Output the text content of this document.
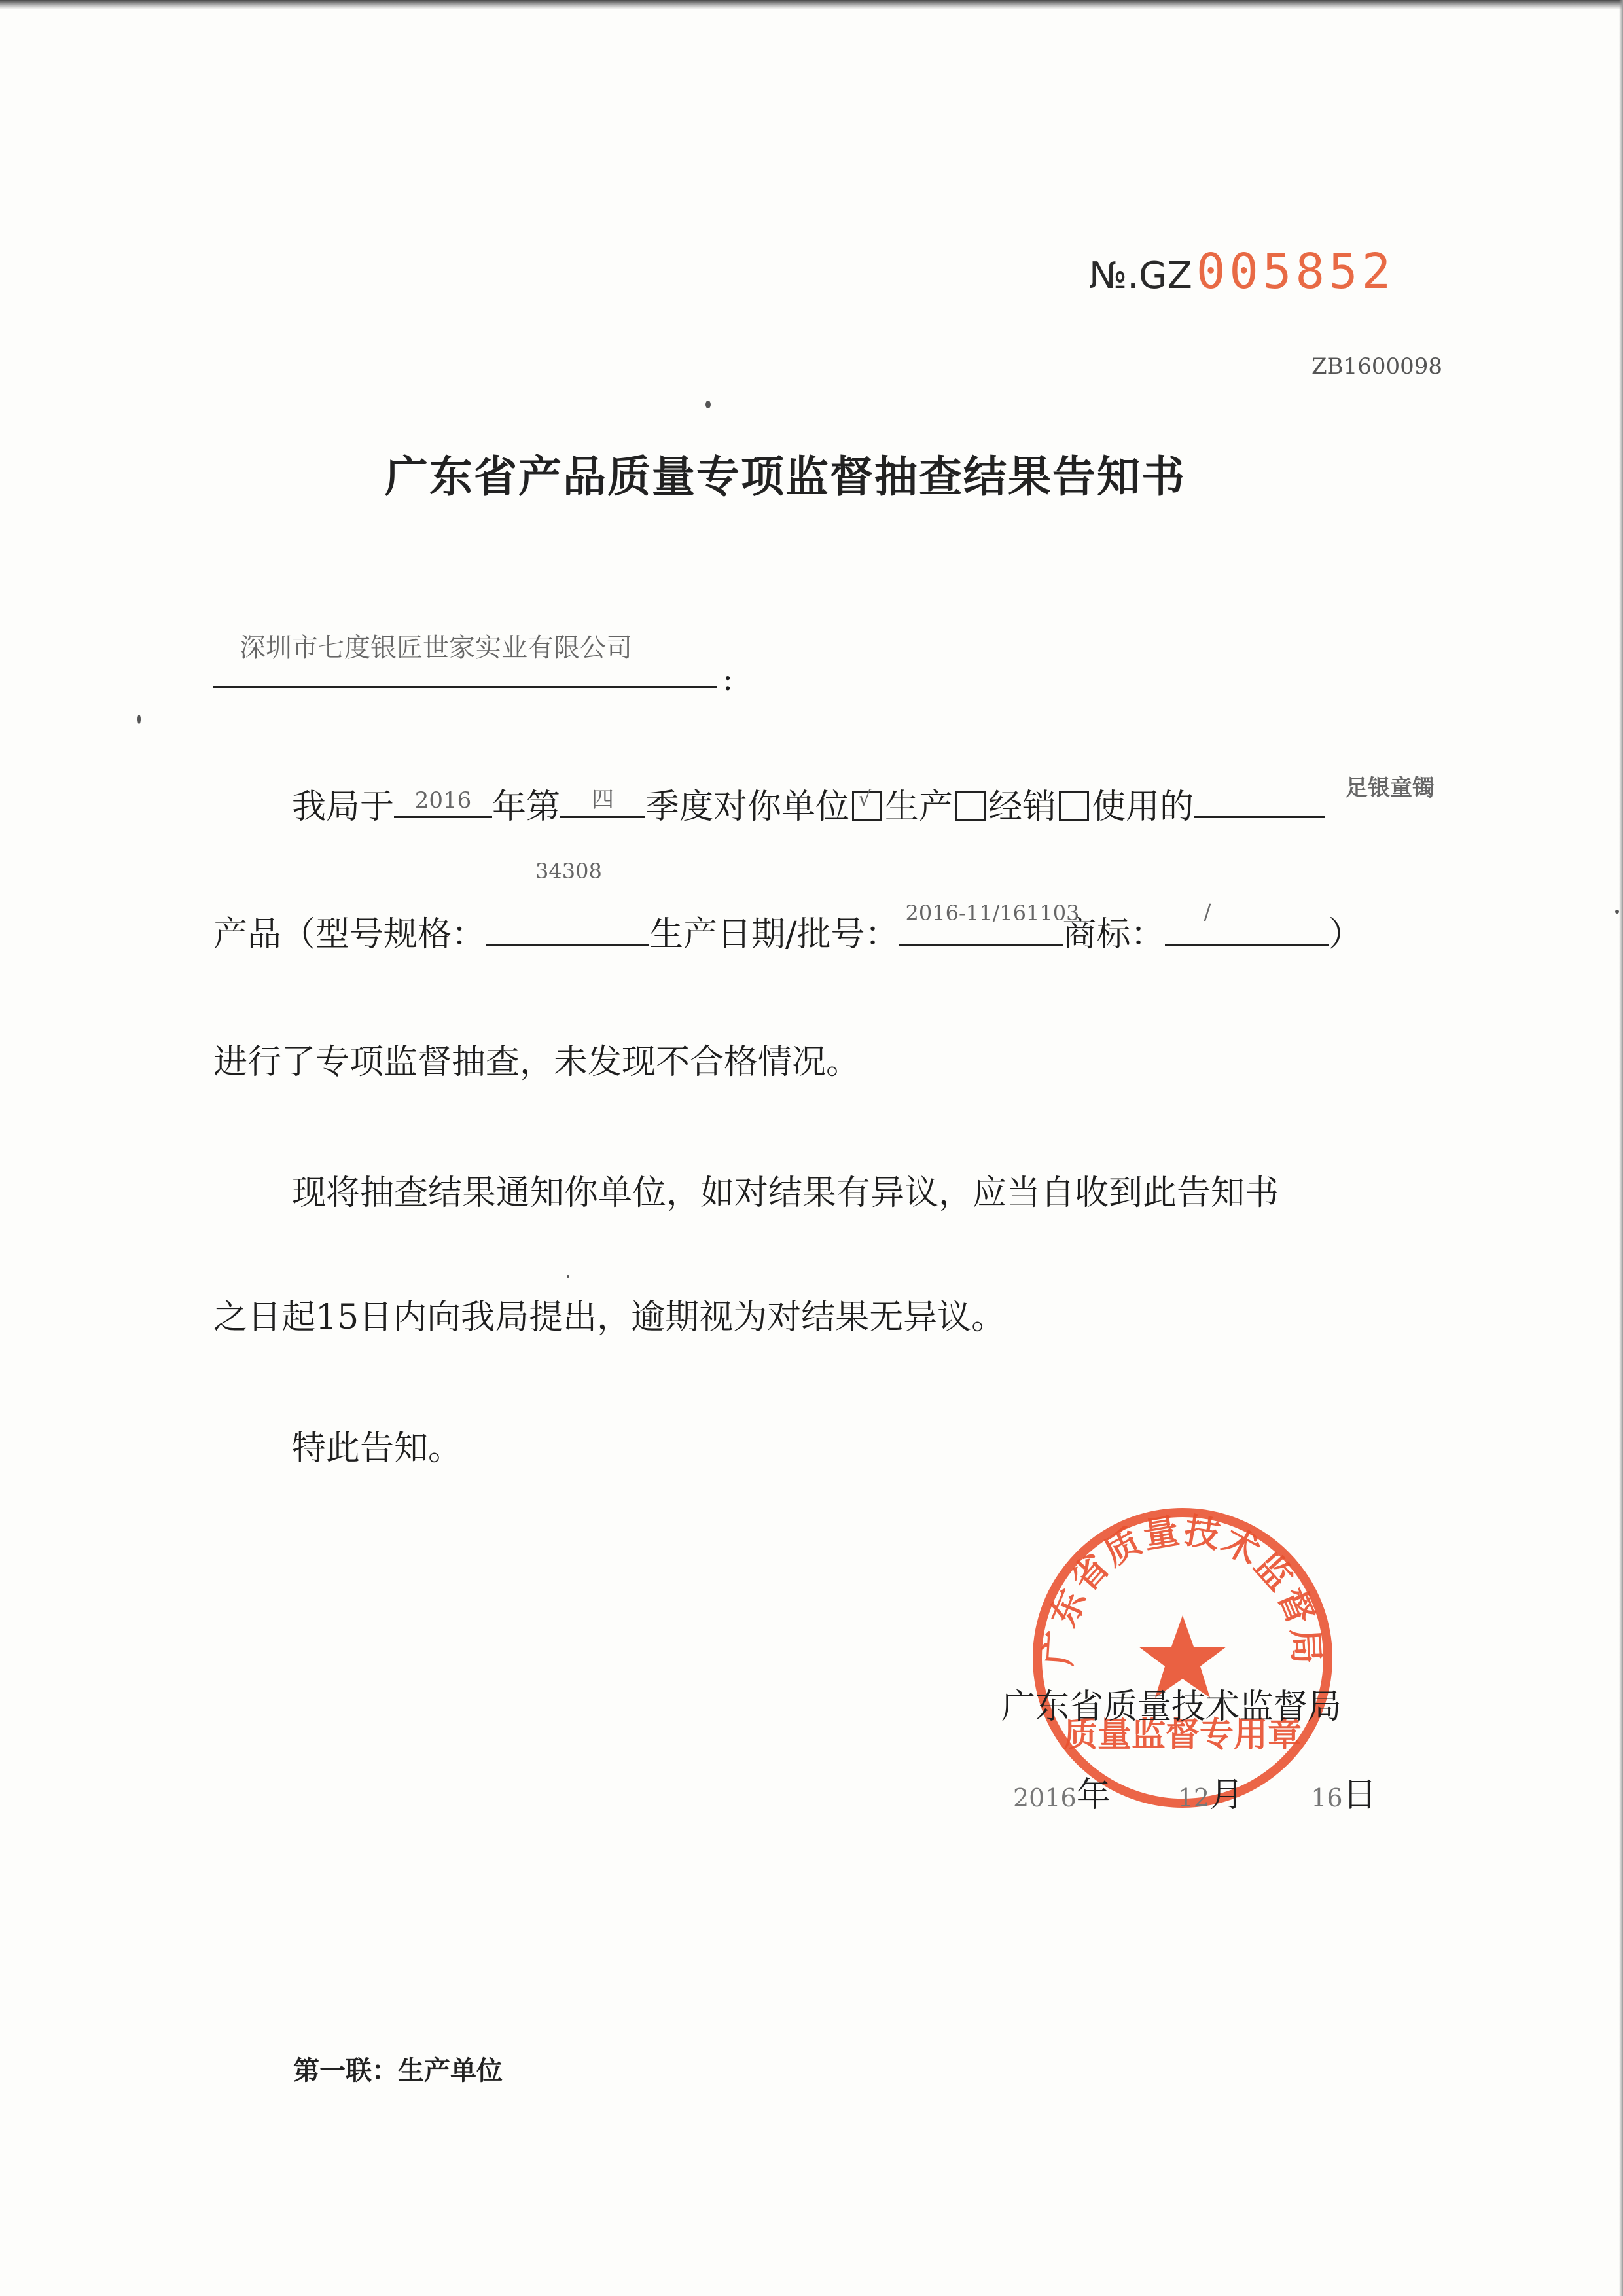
№.GZ005852
ZB1600098
广东省产品质量专项监督抽查结果告知书
深圳市七度银匠世家实业有限公司
:
我局于 2016 年第	四 季度对你单位 √ 生产 经销 使用的	足银童镯
产品（型号规格：
34308
生产日期/批号：
2016-11/161103
商标：
/
）
进行了专项监督抽查，未发现不合格情况。
现将抽查结果通知你单位，如对结果有异议，应当自收到此告知书
之日起15日内向我局提出，逾期视为对结果无异议。
特此告知。
广东省质量技术监督局
质量监督专用章
广东省质量技术监督局
2016年	12月	16日
第一联：生产单位
